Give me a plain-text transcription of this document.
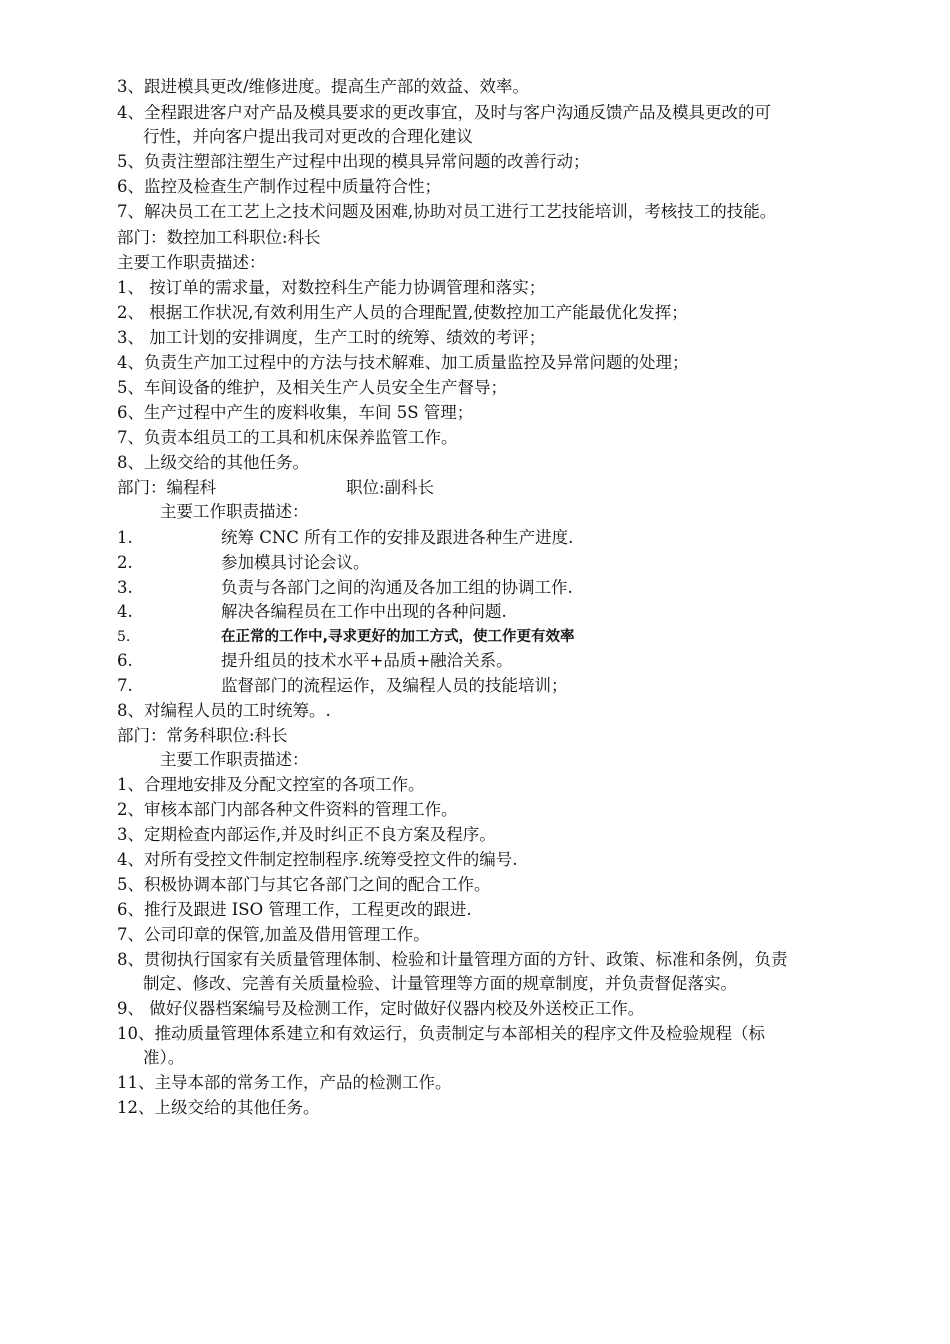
3、跟进模具更改/维修进度。提高生产部的效益、效率。
4、全程跟进客户对产品及模具要求的更改事宜，及时与客户沟通反馈产品及模具更改的可
行性，并向客户提出我司对更改的合理化建议
5、负责注塑部注塑生产过程中出现的模具异常问题的改善行动；
6、监控及检查生产制作过程中质量符合性；
7、解决员工在工艺上之技术问题及困难,协助对员工进行工艺技能培训，考核技工的技能。
部门：数控加工科职位:科长
主要工作职责描述：
1、 按订单的需求量，对数控科生产能力协调管理和落实；
2、 根据工作状况,有效利用生产人员的合理配置,使数控加工产能最优化发挥；
3、 加工计划的安排调度，生产工时的统筹、绩效的考评；
4、负责生产加工过程中的方法与技术解难、加工质量监控及异常问题的处理；
5、车间设备的维护，及相关生产人员安全生产督导；
6、生产过程中产生的废料收集，车间 5S 管理；
7、负责本组员工的工具和机床保养监管工作。
8、上级交给的其他任务。
部门：编程科	职位:副科长
主要工作职责描述：
1.	统筹 CNC 所有工作的安排及跟进各种生产进度.
2.	参加模具讨论会议。
3.	负责与各部门之间的沟通及各加工组的协调工作.
4.	解决各编程员在工作中出现的各种问题.
5.	在正常的工作中,寻求更好的加工方式，使工作更有效率
6.	提升组员的技术水平+品质+融洽关系。
7.	监督部门的流程运作，及编程人员的技能培训；
8、对编程人员的工时统筹。.
部门：常务科职位:科长
主要工作职责描述：
1、合理地安排及分配文控室的各项工作。
2、审核本部门内部各种文件资料的管理工作。
3、定期检查内部运作,并及时纠正不良方案及程序。
4、对所有受控文件制定控制程序.统筹受控文件的编号.
5、积极协调本部门与其它各部门之间的配合工作。
6、推行及跟进 ISO 管理工作，工程更改的跟进.
7、公司印章的保管,加盖及借用管理工作。
8、贯彻执行国家有关质量管理体制、检验和计量管理方面的方针、政策、标准和条例，负责
制定、修改、完善有关质量检验、计量管理等方面的规章制度，并负责督促落实。
9、 做好仪器档案编号及检测工作，定时做好仪器内校及外送校正工作。
10、推动质量管理体系建立和有效运行，负责制定与本部相关的程序文件及检验规程（标
准）。
11、主导本部的常务工作，产品的检测工作。
12、上级交给的其他任务。
